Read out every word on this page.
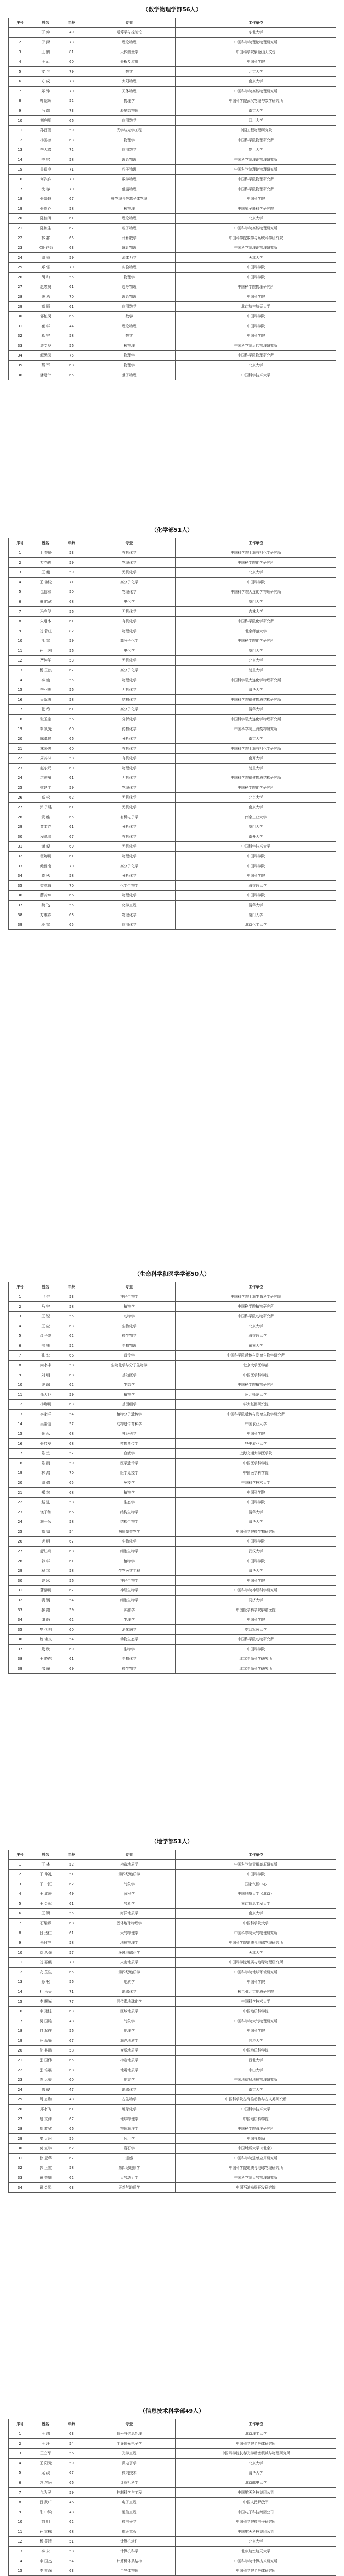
（数学物理学部56人）
序号	姓名	年龄	专业	工作单位
1	丁 仲	49	运筹学与控制论	东北大学
2	于 渌	73	理论物理	中国科学院理论物理研究所
3	王 鼎	81	天体测量学	中国科学院紫金山天文台
4	王元	60	分析及应用	中国科学院
5	文 兰	79	数学	北京大学
6	方 成	78	太阳物理	南京大学
7	邓 钟	70	天体物理	中国科学院高能物理研究所
8	叶朝辉	52	物理学	中国科学院武汉物理与数学研究所
9	冯 端	73	凝聚态物理	南京大学
10	刘应明	66	应用数学	四川大学
11	孙昌璞	59	光学与光学工程	中国工程物理研究院
12	杨国桢	63	物理学	中国科学院物理研究所
13	李大潜	72	应用数学	复旦大学
14	李 铭	58	理论物理	中国科学院理论物理研究所
15	吴岳良	71	粒子物理	中国科学院理论物理研究所
16	何祚庥	70	数学物理	中国科学院物理研究所
17	沈 容	70	低温物理	中国科学院物理研究所
18	张宗燧	67	核物理与等离子体物理	中国科学院
19	张焕乔	58	核物理	中国原子能科学研究院
20	陈佳洱	61	理论物理	北京大学
21	陈和生	67	粒子物理	中国科学院高能物理研究所
22	林 群	65	计算数学	中国科学院数学与系统科学研究院
23	欧阳钟灿	63	统计物理	中国科学院理论物理研究所
24	周 恒	59	流体力学	天津大学
25	郑 哲	70	实验物理	中国科学院
26	胡 和	55	物理学	中国科学院
27	赵忠贤	61	超导物理	中国科学院物理研究所
28	钱 易	70	理论物理	中国科学院
29	高 原	61	应用数学	北京航空航天大学
30	郭柏灵	65	数学	中国科学院
31	崔 华	44	理论物理	中国科学院
32	葛 宁	58	数学	中国科学院
33	詹文龙	56	核物理	中国科学院近代物理研究所
34	解思深	75	物理学	中国科学院物理研究所
35	蔡 军	68	物理学	北京大学
36	潘建伟	65	量子物理	中国科学技术大学
（化学部51人）
序号	姓名	年龄	专业	工作单位
1	丁 奎岭	53	有机化学	中国科学院上海有机化学研究所
2	万立骏	59	物理化学	中国科学院化学研究所
3	王 夔	59	无机化学	北京大学
4	王 佛松	71	高分子化学	中国科学院
5	包信和	50	物理化学	中国科学院大连化学物理研究所
6	田 昭武	68	电化学	厦门大学
7	冯守华	56	无机化学	吉林大学
8	朱道本	61	有机化学	中国科学院化学研究所
9	刘 若庄	82	物理化学	北京师范大学
10	江 雷	59	高分子化学	中国科学院化学研究所
11	孙 世刚	56	电化学	厦门大学
12	严纯华	53	无机化学	北京大学
13	杨 玉良	67	高分子化学	复旦大学
14	李 灿	55	物理化学	中国科学院大连化学物理研究所
15	李亚栋	56	无机化学	清华大学
16	吴新涛	58	结构化学	中国科学院福建物质结构研究所
17	张 希	61	高分子化学	清华大学
18	张玉奎	56	分析化学	中国科学院大连化学物理研究所
19	陈 凯先	60	药物化学	中国科学院上海药物研究所
20	陈洪渊	66	分析化学	南京大学
21	林国强	60	有机化学	中国科学院上海有机化学研究所
22	周其林	58	有机化学	南开大学
23	赵东元	60	物理化学	复旦大学
24	洪茂椿	61	无机化学	中国科学院福建物质结构研究所
25	姚建年	59	物理化学	中国科学院化学研究所
26	高 松	62	无机化学	北京大学
27	郭 子建	61	无机化学	南京大学
28	黄 维	65	有机电子学	南京工业大学
29	黄本立	61	分析化学	厦门大学
30	程津培	67	有机化学	南开大学
31	谢 毅	69	无机化学	中国科学技术大学
32	翟婉明	61	物理化学	中国科学院
33	鲍哲南	70	高分子化学	中国科学院
34	滕 秋	58	分析化学	中国科学院
35	樊春海	70	化学生物学	上海交通大学
36	薛其坤	66	物理化学	中国科学院
37	魏 飞	55	化学工程	清华大学
38	万惠霖	63	物理化学	厦门大学
39	段 雪	65	应用化学	北京化工大学
（生命科学和医学学部50人）
序号	姓名	年龄	专业	工作单位
1	卫 生	53	神经生物学	中国科学院上海生命科学研究院
2	马 宁	58	植物学	中国科学院植物研究所
3	王 锐	55	动物学	中国科学院动物研究所
4	王 应	63	生物化学	北京大学
5	邓 子新	62	微生物学	上海交通大学
6	韦 钰	52	生物物理	东南大学
7	孔 宏	66	遗传学	中国科学院遗传与发育生物学研究所
8	尚永丰	58	生物化学与分子生物学	北京大学医学部
9	刘 明	68	基础医学	中国医学科学院
10	许 琛	62	生态学	中国科学院植物研究所
11	孙大业	59	植物学	河北师范大学
12	杨焕明	63	基因组学	华大基因研究院
13	李家洋	54	植物分子遗传学	中国科学院遗传与发育生物学研究所
14	吴常信	57	动物遗传育种学	中国农业大学
15	张 永	68	神经科学	中国科学院
16	张启发	68	植物遗传学	华中农业大学
17	陈 竺	57	血液学	上海交通大学医学院
18	陈 润	59	医学遗传学	中国医学科学院
19	林 鸿	70	医学免疫学	中国医学科学院
20	周 倩	65	免疫学	中国科学技术大学
21	郑 杰	68	植物学	中国科学院
22	赵 进	58	生态学	中国科学院
23	饶子和	66	结构生物学	清华大学
24	施一公	58	结构生物学	清华大学
25	高 福	54	病原微生物学	中国科学院微生物研究所
26	唐 明	67	生物化学	中国科学院
27	舒红兵	68	细胞生物学	武汉大学
28	韩 华	61	植物学	中国科学院
29	程 京	58	生物医学工程	清华大学
30	曾 冰	56	神经生物学	中国科学院
31	蒲慕明	67	神经生物学	中国科学院神经科学研究所
32	裴 钢	54	细胞生物学	同济大学
33	赫 捷	59	肿瘤学	中国医学科学院肿瘤医院
34	谭 蔚	62	生理学	中国科学院
35	樊 代明	60	消化病学	第四军医大学
36	魏 辅文	54	动物生态学	中国科学院动物研究所
37	戴 欣	69	生物学	中国科学院
38	王 晓东	61	生物化学	北京生命科学研究所
39	邵 峰	69	微生物学	北京生命科学研究所
（地学部51人）
序号	姓名	年龄	专业	工作单位
1	丁 林	52	构造地质学	中国科学院青藏高原研究所
2	丁 仲礼	51	第四纪地质学	中国科学院
3	丁 一汇	62	气象学	国家气候中心
4	王 成善	49	沉积学	中国地质大学（北京）
5	王 会军	61	气象学	南京信息工程大学
6	王 颖	55	海洋地质学	南京大学
7	石耀霖	68	固体地球物理学	中国科学院大学
8	吕 达仁	61	大气物理学	中国科学院大气物理研究所
9	朱日祥	58	地球物理学	中国科学院地质与地球物理研究所
10	刘 丛强	57	环境地球化学	天津大学
11	刘 嘉麒	70	火山地质学	中国科学院地质与地球物理研究所
12	安 芷生	65	第四纪地质学	中国科学院地球环境研究所
13	孙 枢	56	地质学	中国科学院
14	杜 乐天	71	地球化学	核工业北京地质研究院
15	李 曙光	77	同位素地球化学	中国科学技术大学
16	李 廷栋	63	区域地质学	中国地质科学院
17	吴 国雄	48	气象学	中国科学院大气物理研究所
18	何 起祥	56	地理学	中国科学院
19	汪 品先	67	海洋地质学	同济大学
20	沈 其韩	58	变质地质学	中国地质科学院
21	张 国伟	65	构造地质学	西北大学
22	张 培震	68	地震地质学	中山大学
23	陈 运泰	60	地震学	中国地震局地球物理研究所
24	陈 骏	47	地球化学	南京大学
25	周 忠和	48	古生物学	中国科学院古脊椎动物与古人类研究所
26	郑永飞	61	地球化学	中国科学技术大学
27	赵 文津	67	地球物理学	中国地质科学院
28	胡 敦欣	66	物理海洋学	中国科学院海洋研究所
29	秦 大河	55	冰川学	中国气象局
30	莫 宣学	62	岩石学	中国地质大学（北京）
31	徐 冠华	67	遥感	中国科学院遥感应用研究所
32	郭 正堂	58	第四纪地质学	中国科学院地质与地球物理研究所
33	黄 荣辉	62	大气动力学	中国科学院大气物理研究所
34	戴 金星	63	天然气地质学	中国石油勘探开发研究院
（信息技术科学部49人）
序号	姓名	年龄	专业	工作单位
1	王 越	63	信号与信息处理	北京理工大学
2	王 圩	54	半导体光电子学	中国科学院半导体研究所
3	王立军	56	光学工程	中国科学院长春光学精密机械与物理研究所
4	王 阳元	59	微电子学	北京大学
5	尤 政	67	微纳技术	清华大学
6	方 滨兴	66	计算机科学	北京邮电大学
7	包为民	59	控制科学与工程	中国航天科技集团公司
8	吕 跃广	46	电子工程	中国人民解放军
9	朱 中梁	48	通信工程	中国电子科技集团公司
10	刘 明	62	微电子学	中国科学院微电子研究所
11	孙 家栋	68	航天工程	中国航天科技集团公司
12	杨 芙清	51	计算机软件	北京大学
13	李 未	58	计算机科学	北京航空航天大学
14	李 国杰	54	计算机体系结构	中国科学院计算技术研究所
15	李 树深	63	半导体物理	中国科学院半导体研究所
